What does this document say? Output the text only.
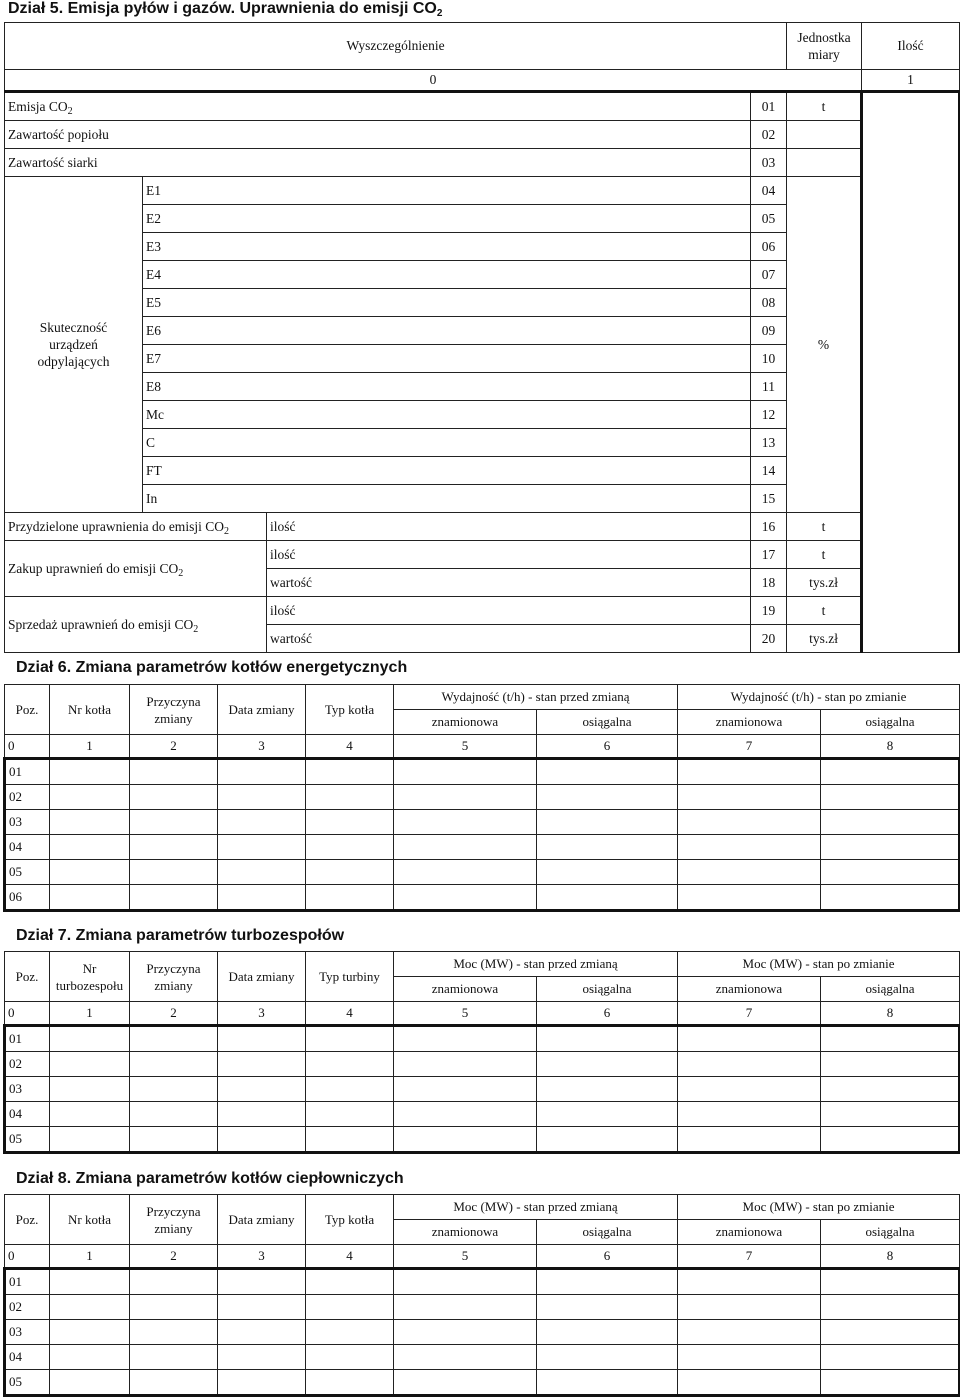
Dział 5. Emisja pyłów i gazów. Uprawnienia do emisji $CO_2$
Wyszczególnienie				Jednostka miary	Ilość
0					1
Emisja $CO_2$			01	t	
Zawartość popiołu			02		
Zawartość siarki			03		
Skuteczność urządzeń odpylających	E1		04	%	
	E2		05		
	E3		06		
	E4		07		
	E5		08		
	E6		09		
	E7		10		
	E8		11		
	Mc		12		
	C		13		
	FT		14		
	In		15		
Przydzielone uprawnienia do emisji $CO_2$		ilość	16	t	
Zakup uprawnień do emisji $CO_2$		ilość	17	t	
		wartość	18	tys.zł	
Sprzedaż uprawnień do emisji $CO_2$		ilość	19	t	
		wartość	20	tys.zł	
Dział 6. Zmiana parametrów kotłów energetycznych
Poz.	Nr kotła	Przyczyna zmiany	Data zmiany	Typ kotła	Wydajność (t/h) - stan przed zmianą		Wydajność (t/h) - stan po zmianie	
					znamionowa	osiągalna	znamionowa	osiągalna
0	1	2	3	4	5	6	7	8
01								
02								
03								
04								
05								
06								
Dział 7. Zmiana parametrów turbozespołów
Poz.	Nr turbozespołu	Przyczyna zmiany	Data zmiany	Typ turbiny	Moc (MW) - stan przed zmianą		Moc (MW) - stan po zmianie	
					znamionowa	osiągalna	znamionowa	osiągalna
0	1	2	3	4	5	6	7	8
01								
02								
03								
04								
05								
Dział 8. Zmiana parametrów kotłów ciepłowniczych
Poz.	Nr kotła	Przyczyna zmiany	Data zmiany	Typ kotła	Moc (MW) - stan przed zmianą		Moc (MW) - stan po zmianie	
					znamionowa	osiągalna	znamionowa	osiągalna
0	1	2	3	4	5	6	7	8
01								
02								
03								
04								
05								
